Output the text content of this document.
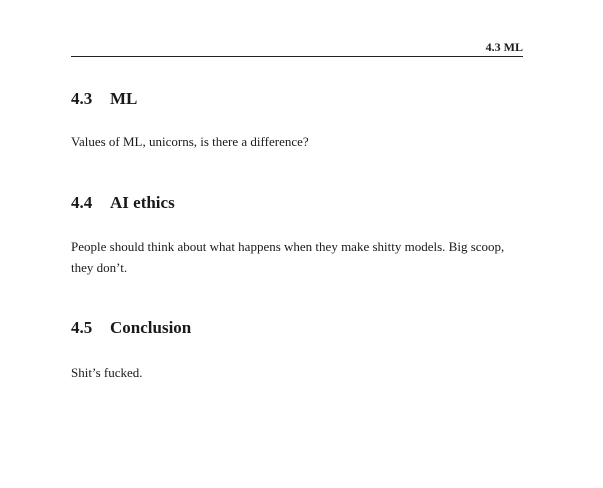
4.3 ML
4.3 ML

Values of ML, unicorns, is there a difference?

4.4 AI ethics

People should think about what happens when they make shitty models. Big scoop, they don’t.

4.5 Conclusion

Shit’s fucked.
